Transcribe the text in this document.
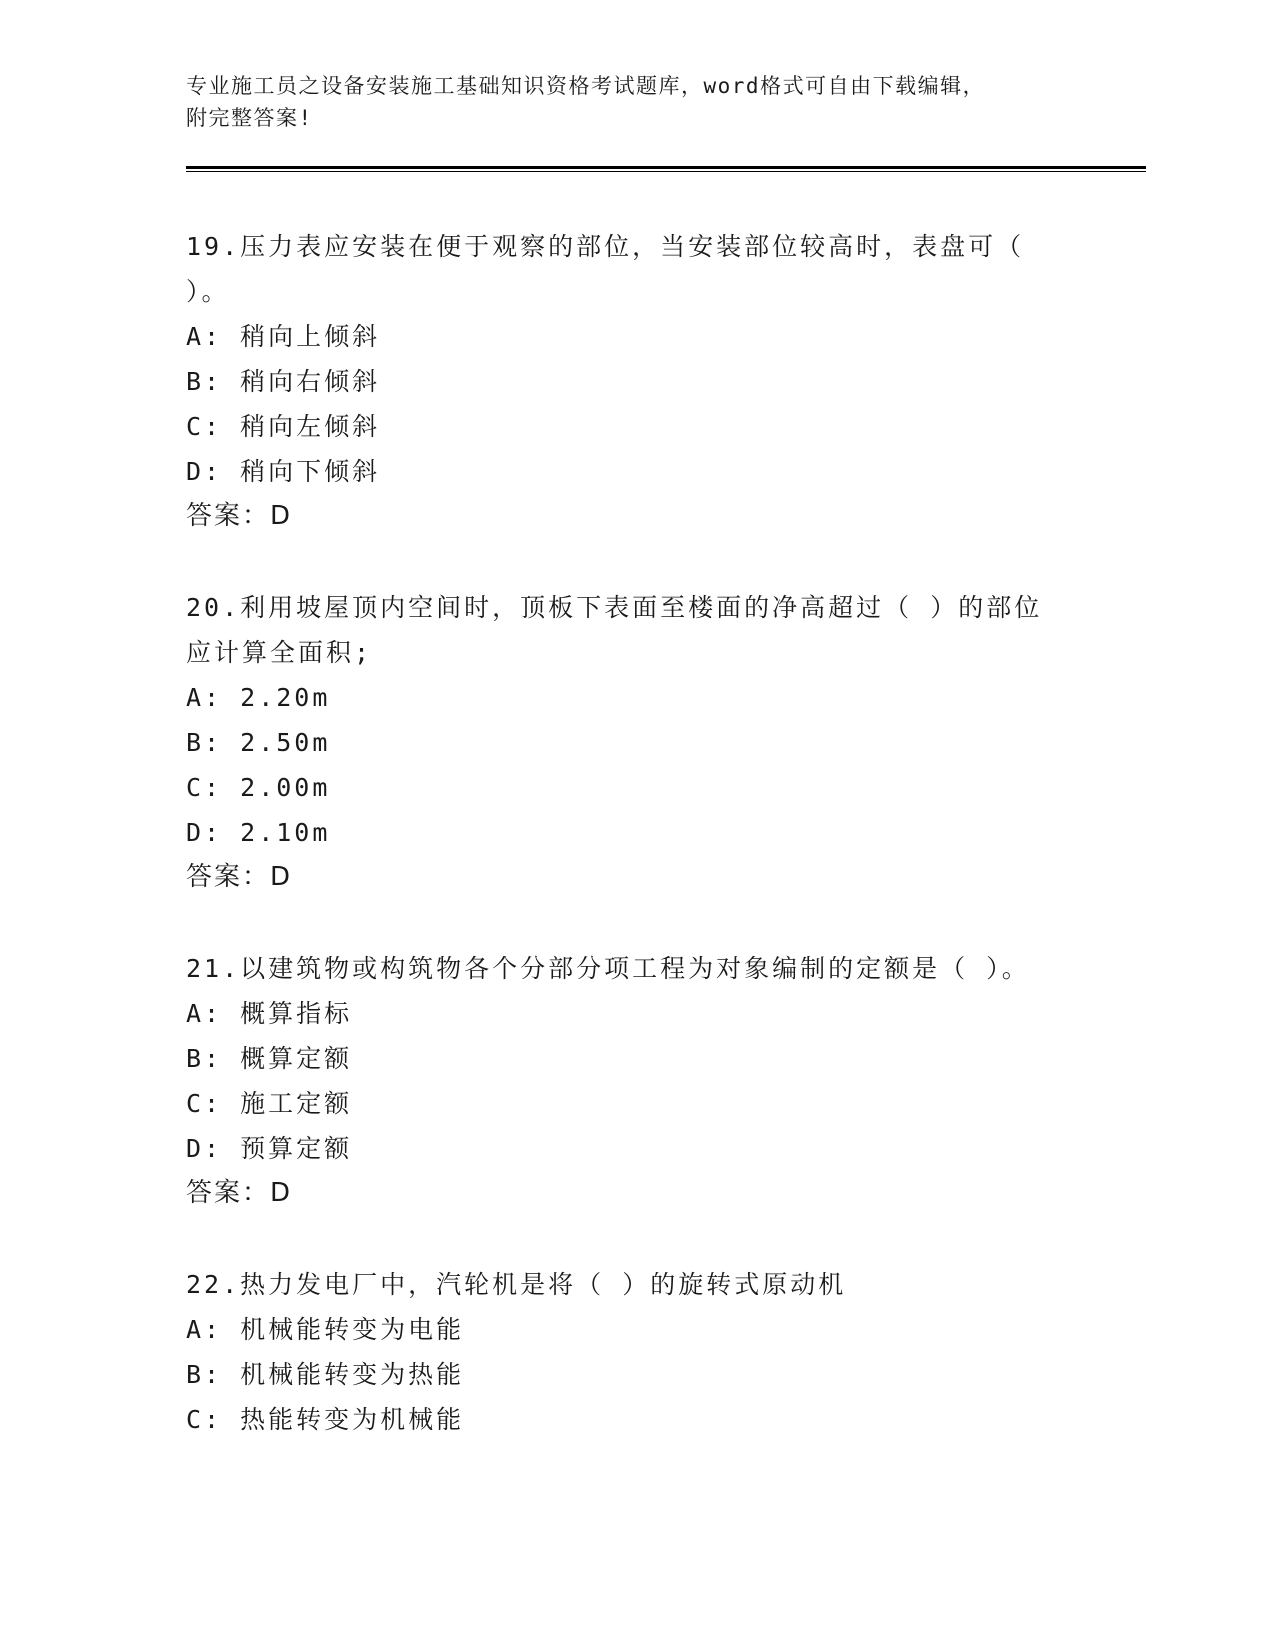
专业施工员之设备安装施工基础知识资格考试题库，word格式可自由下载编辑，

附完整答案!

19.压力表应安装在便于观察的部位，当安装部位较高时，表盘可（

）。

A: 稍向上倾斜

B: 稍向右倾斜

C: 稍向左倾斜

D: 稍向下倾斜

答案：D

20.利用坡屋顶内空间时，顶板下表面至楼面的净高超过（ ）的部位

应计算全面积;

A: 2.20m

B: 2.50m

C: 2.00m

D: 2.10m

答案：D

21.以建筑物或构筑物各个分部分项工程为对象编制的定额是（ ）。

A: 概算指标

B: 概算定额

C: 施工定额

D: 预算定额

答案：D

22.热力发电厂中，汽轮机是将（ ）的旋转式原动机

A: 机械能转变为电能

B: 机械能转变为热能

C: 热能转变为机械能
